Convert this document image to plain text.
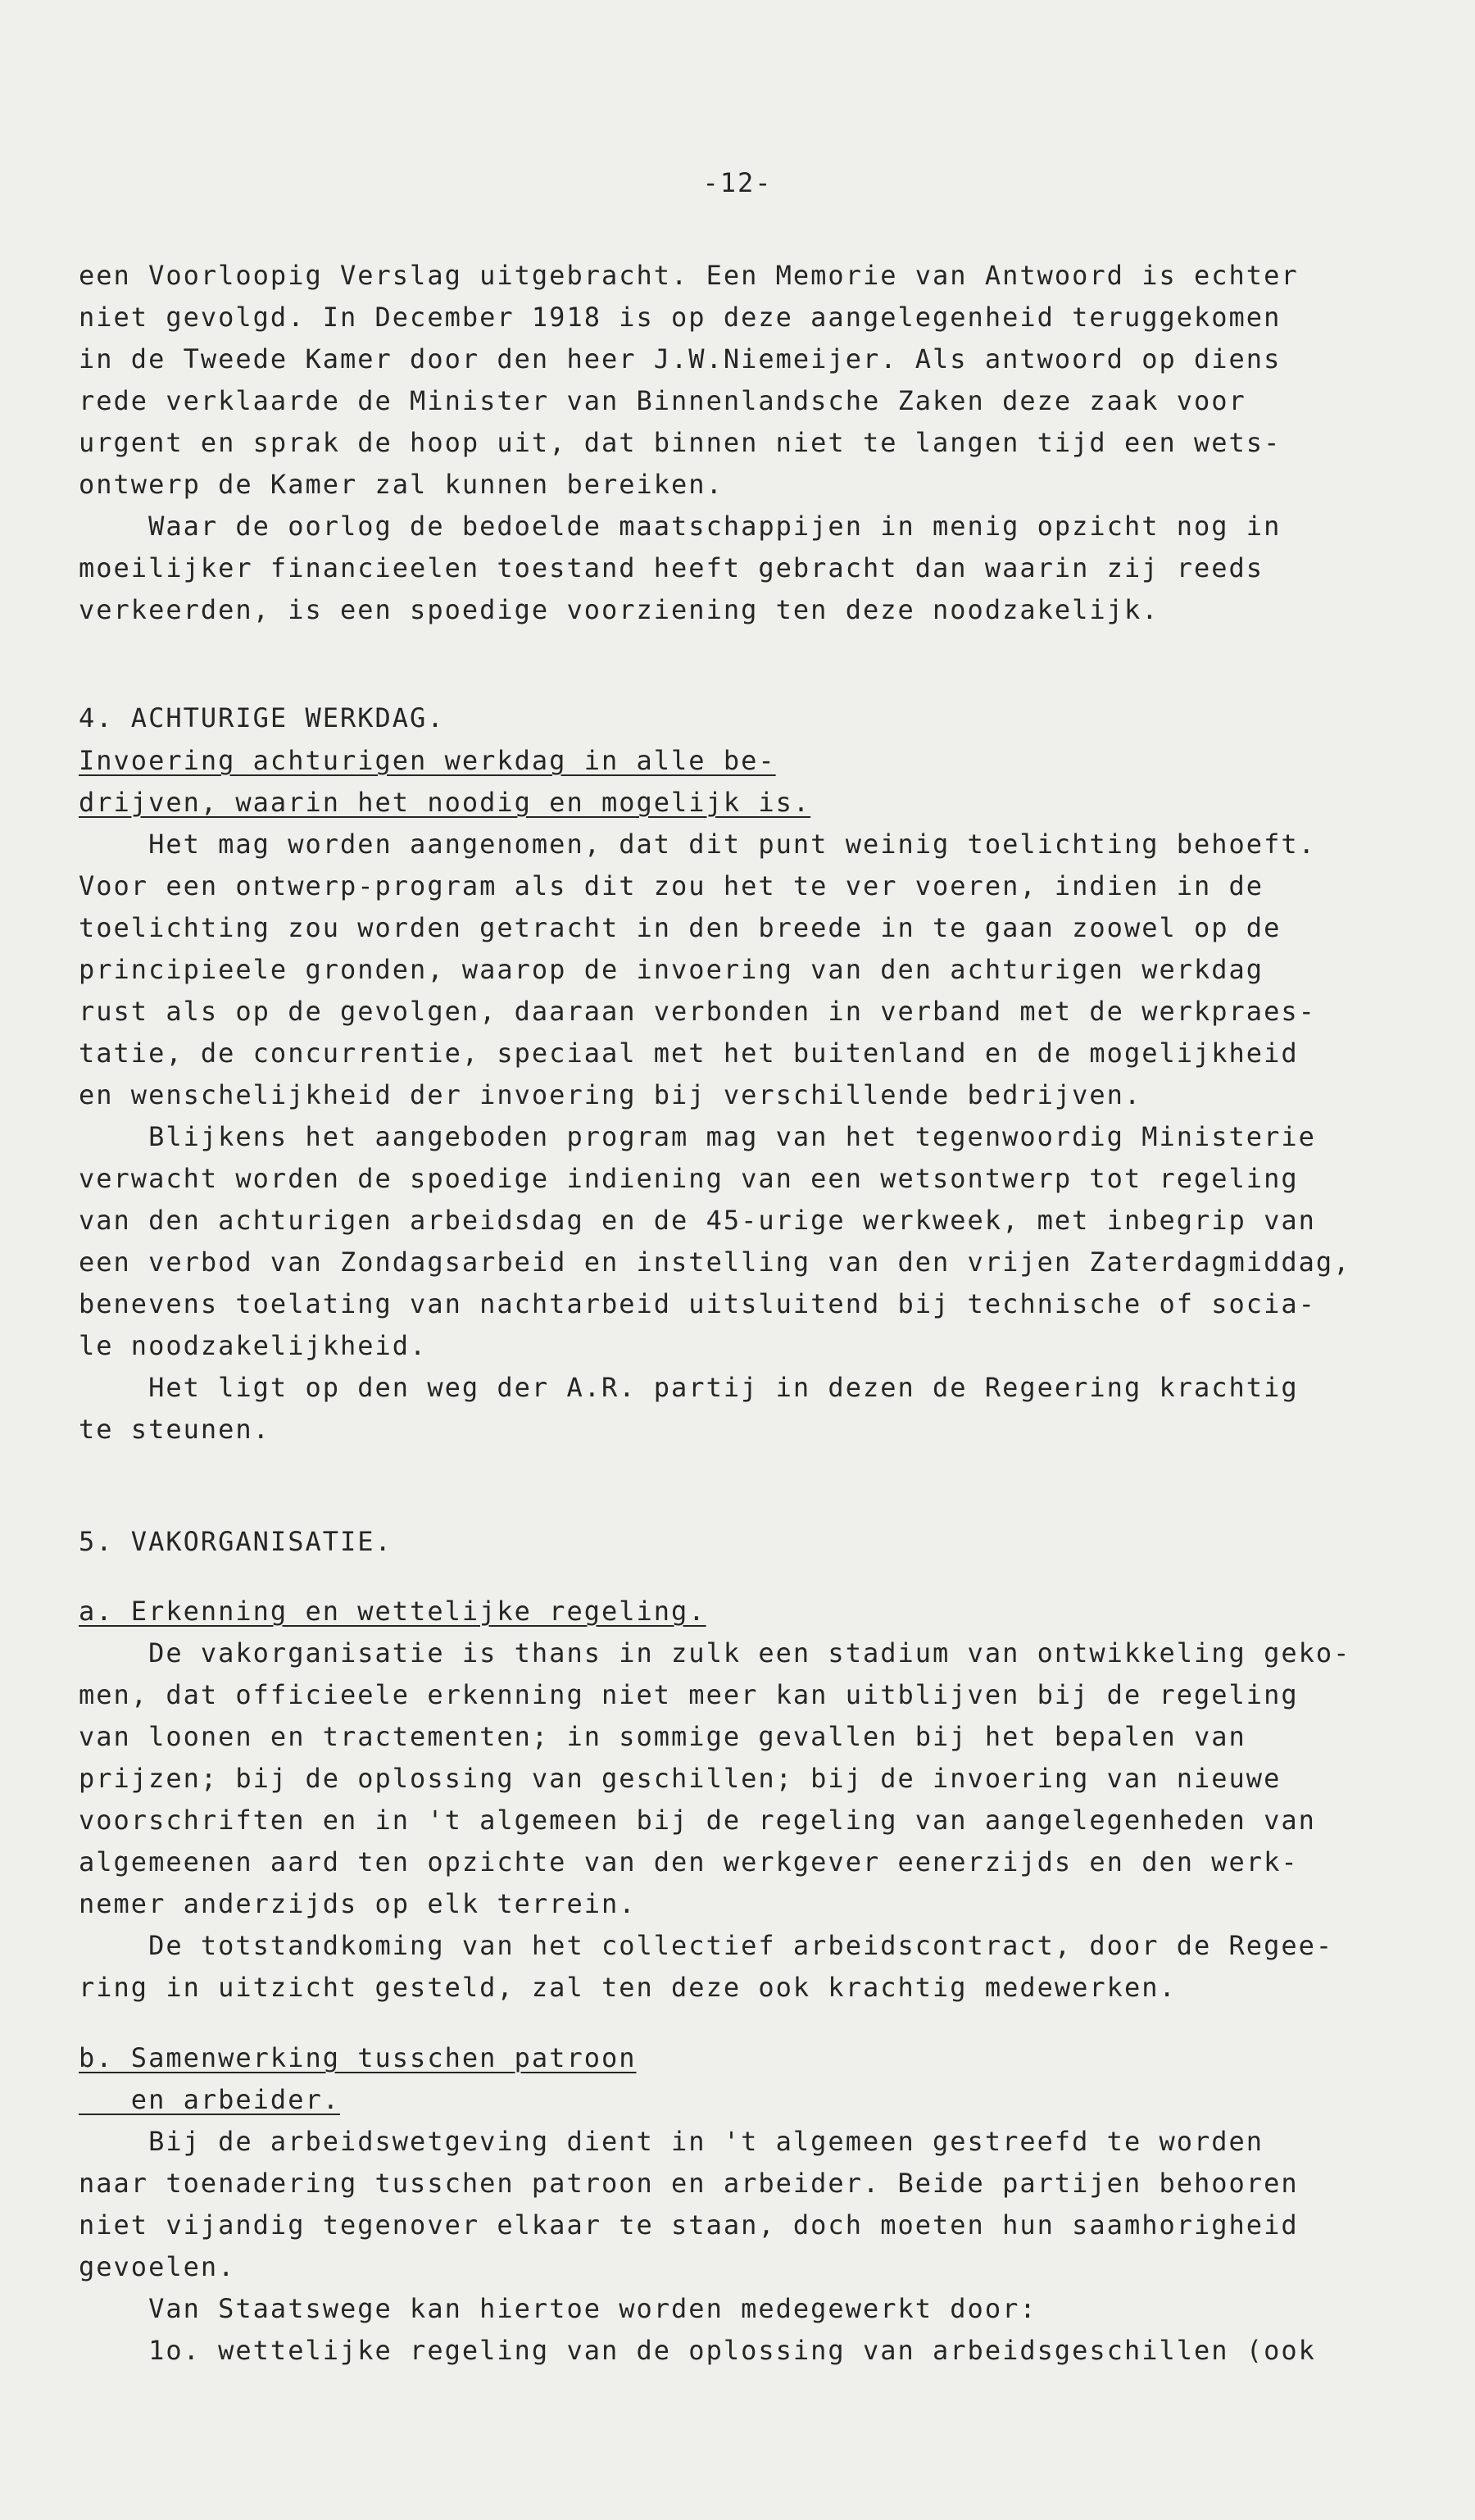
-12-

een Voorloopig Verslag uitgebracht. Een Memorie van Antwoord is echter

niet gevolgd. In December 1918 is op deze aangelegenheid teruggekomen

in de Tweede Kamer door den heer J.W.Niemeijer. Als antwoord op diens

rede verklaarde de Minister van Binnenlandsche Zaken deze zaak voor

urgent en sprak de hoop uit, dat binnen niet te langen tijd een wets-

ontwerp de Kamer zal kunnen bereiken.

Waar de oorlog de bedoelde maatschappijen in menig opzicht nog in

moeilijker financieelen toestand heeft gebracht dan waarin zij reeds

verkeerden, is een spoedige voorziening ten deze noodzakelijk.

4. ACHTURIGE WERKDAG.

Invoering achturigen werkdag in alle be-

drijven, waarin het noodig en mogelijk is.

Het mag worden aangenomen, dat dit punt weinig toelichting behoeft.

Voor een ontwerp-program als dit zou het te ver voeren, indien in de

toelichting zou worden getracht in den breede in te gaan zoowel op de

principieele gronden, waarop de invoering van den achturigen werkdag

rust als op de gevolgen, daaraan verbonden in verband met de werkpraes-

tatie, de concurrentie, speciaal met het buitenland en de mogelijkheid

en wenschelijkheid der invoering bij verschillende bedrijven.

Blijkens het aangeboden program mag van het tegenwoordig Ministerie

verwacht worden de spoedige indiening van een wetsontwerp tot regeling

van den achturigen arbeidsdag en de 45-urige werkweek, met inbegrip van

een verbod van Zondagsarbeid en instelling van den vrijen Zaterdagmiddag,

benevens toelating van nachtarbeid uitsluitend bij technische of socia-

le noodzakelijkheid.

Het ligt op den weg der A.R. partij in dezen de Regeering krachtig

te steunen.

5. VAKORGANISATIE.

a. Erkenning en wettelijke regeling.

De vakorganisatie is thans in zulk een stadium van ontwikkeling geko-

men, dat officieele erkenning niet meer kan uitblijven bij de regeling

van loonen en tractementen; in sommige gevallen bij het bepalen van

prijzen; bij de oplossing van geschillen; bij de invoering van nieuwe

voorschriften en in 't algemeen bij de regeling van aangelegenheden van

algemeenen aard ten opzichte van den werkgever eenerzijds en den werk-

nemer anderzijds op elk terrein.

De totstandkoming van het collectief arbeidscontract, door de Regee-

ring in uitzicht gesteld, zal ten deze ook krachtig medewerken.

b. Samenwerking tusschen patroon

en arbeider.

Bij de arbeidswetgeving dient in 't algemeen gestreefd te worden

naar toenadering tusschen patroon en arbeider. Beide partijen behooren

niet vijandig tegenover elkaar te staan, doch moeten hun saamhorigheid

gevoelen.

Van Staatswege kan hiertoe worden medegewerkt door:

1o. wettelijke regeling van de oplossing van arbeidsgeschillen (ook
